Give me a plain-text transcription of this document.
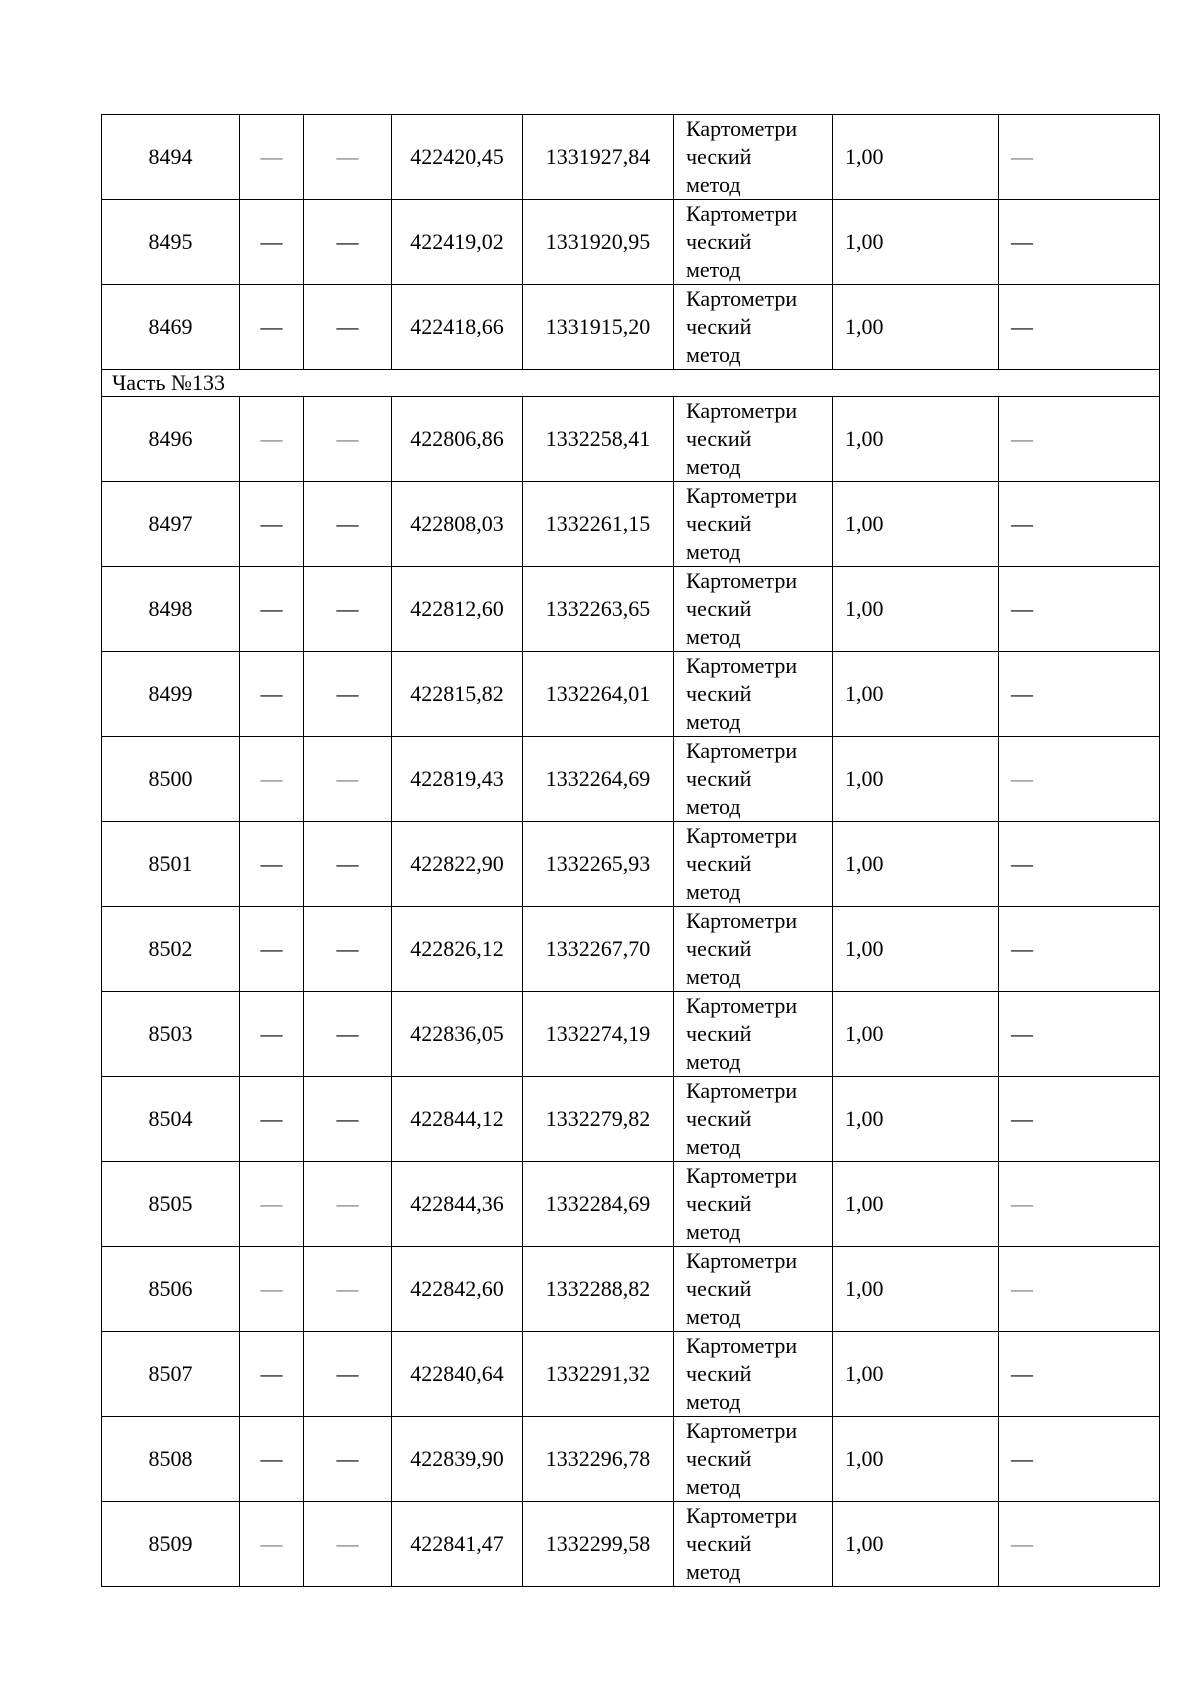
8494	—	—	422420,45	1331927,84	Картометри
ческий
метод	1,00	—
8495	—	—	422419,02	1331920,95	Картометри
ческий
метод	1,00	—
8469	—	—	422418,66	1331915,20	Картометри
ческий
метод	1,00	—
Часть №133							
8496	—	—	422806,86	1332258,41	Картометри
ческий
метод	1,00	—
8497	—	—	422808,03	1332261,15	Картометри
ческий
метод	1,00	—
8498	—	—	422812,60	1332263,65	Картометри
ческий
метод	1,00	—
8499	—	—	422815,82	1332264,01	Картометри
ческий
метод	1,00	—
8500	—	—	422819,43	1332264,69	Картометри
ческий
метод	1,00	—
8501	—	—	422822,90	1332265,93	Картометри
ческий
метод	1,00	—
8502	—	—	422826,12	1332267,70	Картометри
ческий
метод	1,00	—
8503	—	—	422836,05	1332274,19	Картометри
ческий
метод	1,00	—
8504	—	—	422844,12	1332279,82	Картометри
ческий
метод	1,00	—
8505	—	—	422844,36	1332284,69	Картометри
ческий
метод	1,00	—
8506	—	—	422842,60	1332288,82	Картометри
ческий
метод	1,00	—
8507	—	—	422840,64	1332291,32	Картометри
ческий
метод	1,00	—
8508	—	—	422839,90	1332296,78	Картометри
ческий
метод	1,00	—
8509	—	—	422841,47	1332299,58	Картометри
ческий
метод	1,00	—
